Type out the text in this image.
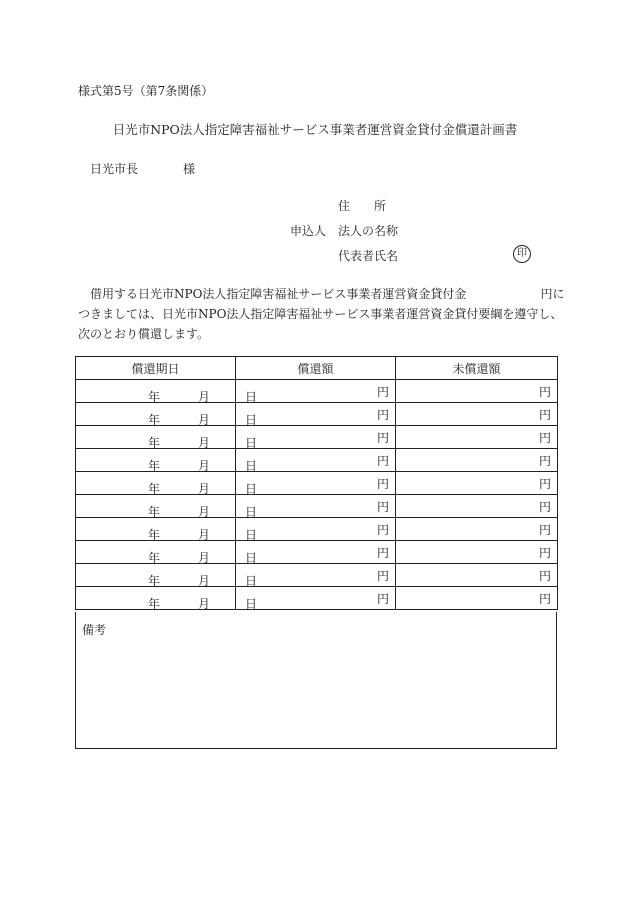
様式第5号（第7条関係）
日光市NPO法人指定障害福祉サービス事業者運営資金貸付金償還計画書
日光市長	様
住　　所
申込人 法人の名称
代表者氏名	印
　借用する日光市NPO法人指定障害福祉サービス事業者運営資金貸付金	円に
つきましては、日光市NPO法人指定障害福祉サービス事業者運営資金貸付要綱を遵守し、
次のとおり償還します。
償還期日	償還額	未償還額
年 月 日	円	円
年 月 日	円	円
年 月 日	円	円
年 月 日	円	円
年 月 日	円	円
年 月 日	円	円
年 月 日	円	円
年 月 日	円	円
年 月 日	円	円
年 月 日	円	円
備考
